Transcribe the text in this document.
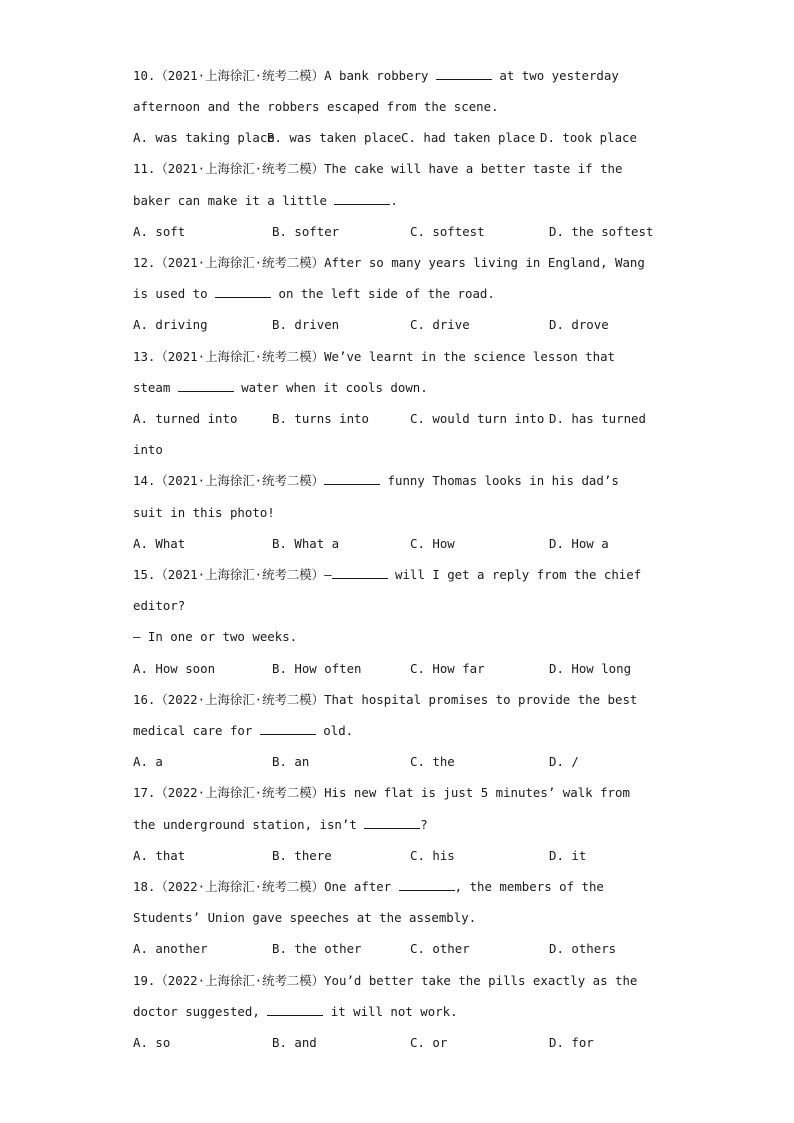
10.（2021·上海徐汇·统考二模）A bank robbery	at two yesterday
afternoon and the robbers escaped from the scene.
A. was taking place
B. was taken place C. had taken place D. took place
11.（2021·上海徐汇·统考二模）The cake will have a better taste if the
baker can make it a little	.
A. soft	B. softer	C. softest	D. the softest
12.（2021·上海徐汇·统考二模）After so many years living in England, Wang
is used to	on the left side of the road.
A. driving	B. driven	C. drive	D. drove
13.（2021·上海徐汇·统考二模）We’ve learnt in the science lesson that
steam	water when it cools down.
A. turned into	B. turns into	C. would turn into D. has turned
into
14.（2021·上海徐汇·统考二模）	funny Thomas looks in his dad’s
suit in this photo!
A. What	B. What a	C. How	D. How a
15.（2021·上海徐汇·统考二模）—	will I get a reply from the chief
editor?
— In one or two weeks.
A. How soon	B. How often	C. How far	D. How long
16.（2022·上海徐汇·统考二模）That hospital promises to provide the best
medical care for	old.
A. a	B. an	C. the	D. /
17.（2022·上海徐汇·统考二模）His new flat is just 5 minutes’ walk from
the underground station, isn’t	?
A. that	B. there	C. his	D. it
18.（2022·上海徐汇·统考二模）One after	, the members of the
Students’ Union gave speeches at the assembly.
A. another	B. the other	C. other	D. others
19.（2022·上海徐汇·统考二模）You’d better take the pills exactly as the
doctor suggested,	it will not work.
A. so	B. and	C. or	D. for
